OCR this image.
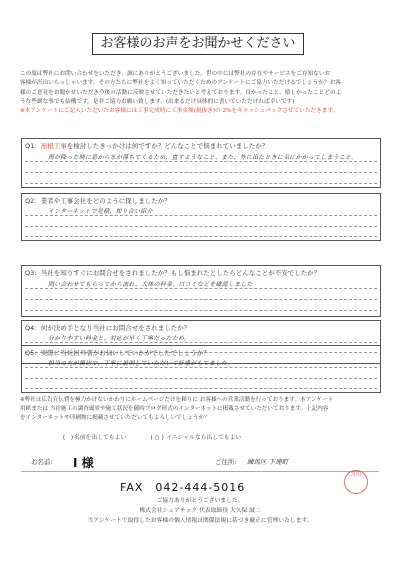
お客様のお声をお聞かせください

この度は弊社にお問い合わせをいただき、誠にありがとうございました。世の中には弊社の存在やサービスをご存知ないお

客様が沢山いらっしゃいます。その方たちに弊社をよく知っていただくためのアンケートにご協力いただけるでしょうか？お客

様のご意見をお聞かせいただき今後の活動に反映させていただきたいと考えております。良かったこと、嬉しかったことどのよ

うな些細な事でも結構です。是非ご協力お願い致します。(出来るだけ具体的に書いていただければ幸いです)

※本アンケートにご記入いただいたお客様には工事完成時に工事金額(税抜き)の 2%をキャッシュバックさせていただきます。

Q1：屋根工事を検討したきっかけは何ですか？どんなことで悩まれていましたか？
雨が降った時に窓から水が落ちてくるため、直すようなこと、また、外に出たときに気にかかってしまうこと。
Q2：業者や工事会社をどのように探しましたか？
インターネットで見積、知り合い紹介
Q3：当社を知りすぐにお問合せをされましたか？もし悩まれたとしたらどんなことが不安でしたか？
問い合わせてもらってから流れ、大体の料金、口コミなどを確認しました
Q4：何が決め手となり当社にお問合せをされましたか？
分かりやすい料金と、対応が早く丁寧だったため。
Q5：実際に当社担当者がお伺いしていかがでしたでしょうか？
担当の方が親切で、丁寧に説明していただいて好感がもてました。

※弊社は広告宣伝費を極力かけないかわりにホームページだけを頼りに お客様への営業活動を行っております。本アンケート

用紙または 当社施工の調査風景や施工状況を随時ブログ形式のインターネットに掲載させていただいております。上記内容

をインターネットや印刷物に掲載させていただいてもよろしいでしょうか？

(　)名前を出してもよい	( ○ ) イニシャルなら出してもよい
お名前: I 様	ご住所: 練馬区 下連町
宮田
FAX　042-444-5016

ご協力ありがとうございました。

株式会社シェアテック 代表取締役 大久保 誠二

当アンケートで取得したお客様の個人情報は関係法規に基づき厳正に管理いたします。
